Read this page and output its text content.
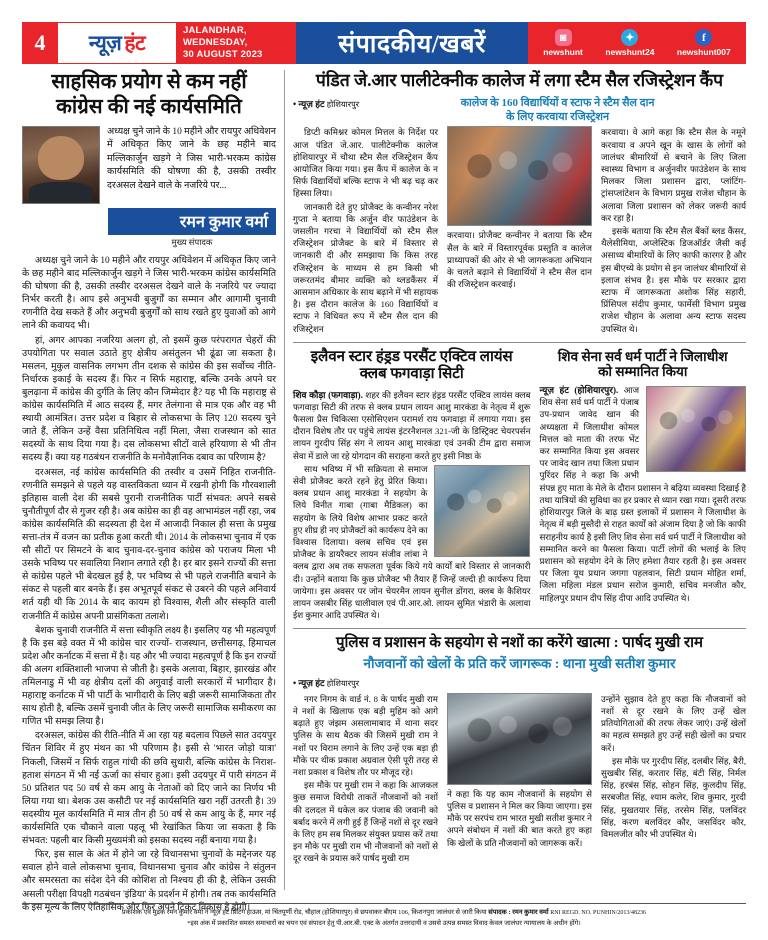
4	न्यूज़ हंट
JALANDHAR, WEDNESDAY,
30 AUGUST 2023	संपादकीय/खबरें	◙
newshunt
✦
newshunt24
f
newshunt007
साहसिक प्रयोग से कम नहीं
कांग्रेस की नई कार्यसमिति
अध्यक्ष चुने जाने के 10 महीने और रायपुर अधिवेशन में अधिकृत किए जाने के छह महीने बाद मल्लिकार्जुन खड़गे ने जिस भारी-भरकम कांग्रेस कार्यसमिति की घोषणा की है, उसकी तस्वीर दरअसल देखने वाले के नजरिये पर...
रमन कुमार वर्मा
मुख्य संपादक

अध्यक्ष चुने जाने के 10 महीने और रायपुर अधिवेशन में अधिकृत किए जाने के छह महीने बाद मल्लिकार्जुन खड़गे ने जिस भारी-भरकम कांग्रेस कार्यसमिति की घोषणा की है, उसकी तस्वीर दरअसल देखने वाले के नजरिये पर ज्यादा निर्भर करती है। आप इसे अनुभवी बुजुर्गों का सम्मान और आगामी चुनावी रणनीति देख सकते हैं और अनुभवी बुजुर्गों को साथ रखते हुए युवाओं को आगे लाने की कवायद भी।

हां, अगर आपका नजरिया अलग हो, तो इसमें कुछ परंपरागत चेहरों की उपयोगिता पर सवाल उठाते हुए क्षेत्रीय असंतुलन भी ढूंढा जा सकता है। मसलन, मुकुल वासनिक लगभग तीन दशक से कांग्रेस की इस सर्वोच्च नीति-निर्धारक इकाई के सदस्य हैं। फिर न सिर्फ महाराष्ट्र, बल्कि उनके अपने घर बुलढ़ाना में कांग्रेस की दुर्गति के लिए कौन जिम्मेदार है? यह भी कि महाराष्ट्र से कांग्रेस कार्यसमिति में आठ सदस्य हैं, मगर तेलंगाना से मात्र एक और वह भी स्थायी आमंत्रित। उत्तर प्रदेश व बिहार से लोकसभा के लिए 120 सदस्य चुने जाते हैं, लेकिन उन्हें वैसा प्रतिनिधित्व नहीं मिला, जैसा राजस्थान को सात सदस्यों के साथ दिया गया है। दस लोकसभा सीटों वाले हरियाणा से भी तीन सदस्य हैं। क्या यह गठबंधन राजनीति के मनोवैज्ञानिक दबाव का परिणाम है?

दरअसल, नई कांग्रेस कार्यसमिति की तस्वीर व उसमें निहित राजनीति-रणनीति समझने से पहले यह वास्तविकता ध्यान में रखनी होगी कि गौरवशाली इतिहास वाली देश की सबसे पुरानी राजनीतिक पार्टी संभवत: अपने सबसे चुनौतीपूर्ण दौर से गुजर रही है। अब कांग्रेस का ही वह आभामंडल नहीं रहा, जब कांग्रेस कार्यसमिति की सदस्यता ही देश में आजादी निकाल ही सत्ता के प्रमुख सत्ता-तंत्र में वजन का प्रतीक हुआ करती थी। 2014 के लोकसभा चुनाव में एक सौ सीटों पर सिमटने के बाद चुनाव-दर-चुनाव कांग्रेस को पराजय मिला भी उसके भविष्य पर सवालिया निशान लगाते रही है। हर बार इसने राज्यों की सत्ता से कांग्रेस पहले भी बेदखल हुई है, पर भविष्य से भी पहले राजनीति बचाने के संकट से पहली बार बनके हैं। इस अभूतपूर्व संकट से उबरने की पहले अनिवार्य शर्त यही थी कि 2014 के बाद कायम हो विश्वास, शैली और संस्कृति वाली राजनीति में कांग्रेस अपनी प्रासंगिकता तलाशे।

बेशक चुनावी राजनीति में सत्ता स्वीकृति लक्ष्य है। इसलिए यह भी महत्वपूर्ण है कि इस बड़े वक्त में भी कांग्रेस चार राज्यों- राजस्थान, छत्तीसगढ़, हिमाचल प्रदेश और कर्नाटक में सत्ता में है। यह और भी ज्यादा महत्वपूर्ण है कि इन राज्यों की अलग शक्तिशाली भाजपा से जीती है। इसके अलावा, बिहार, झारखंड और तमिलनाडु में भी वह क्षेत्रीय दलों की अगुवाई वाली सरकारों में भागीदार है। महाराष्ट्र कर्नाटक में भी पार्टी के भागीदारी के लिए बड़ी जरूरी सामाजिकता तौर साथ होती है, बल्कि उसमें चुनावी जीत के लिए जरूरी सामाजिक समीकरण का गणित भी समझ लिया है।

दरअसल, कांग्रेस की रीति-नीति में आ रहा यह बदलाव पिछले सात उदयपुर चिंतन शिविर में हुए मंथन का भी परिणाम है। इसी से 'भारत जोड़ो यात्रा' निकली, जिसमें न सिर्फ राहुल गांधी की छवि सुधारी, बल्कि कांग्रेस के निराश-हताश संगठन में भी नई ऊर्जा का संचार हुआ। इसी उदयपुर में पारी संगठन में 50 प्रतिशत पद 50 वर्ष से कम आयु के नेताओं को दिए जाने का निर्णय भी लिया गया था। बेशक उस कसौटी पर नई कार्यसमिति खरा नहीं उतरती है। 39 सदस्यीय मूल कार्यसमिति में मात्र तीन ही 50 वर्ष से कम आयु के हैं, मगर नई कार्यसमिति एक चौकाने वाला पहलू भी रेखांकित किया जा सकता है कि संभवत: पहली बार किसी मुख्यमंत्री को इसका सदस्य नहीं बनाया गया है।

फिर, इस साल के अंत में होने जा रहे विधानसभा चुनावों के मद्देनजर यह सवाल होने वाले लोकसभा चुनाव, विधानसभा चुनाव और कांग्रेस ने संतुलन और समरसता का संदेश देने की कोशिश तो निश्चय ही की है, लेकिन उसकी असली परीक्षा विपक्षी गठबंधन 'इंडिया' के प्रदर्शन में होगी। तब तक कार्यसमिति के इस मूल्य के लिए ऐतिहासिक और फिर अपने टिकट विकास है होगी।

पंडित जे.आर पालीटेक्नीक कालेज में लगा स्टैम सैल रजिस्ट्रेशन कैंप
• न्यूज़ हंट होशियारपुर	कालेज के 160 विद्यार्थियों व स्टाफ ने स्टैम सैल दान
के लिए करवाया रजिस्ट्रेशन

डिप्टी कमिश्नर कोमल मित्तल के निर्देश पर आज पंडित जे.आर. पालीटेक्नीक कालेज होशियारपुर में चौथा स्टैम सैल रजिस्ट्रेशन कैंप आयोजित किया गया। इस कैंप में कालेज के न सिर्फ विद्यार्थियों बल्कि स्टाफ ने भी बढ़ चढ़ कर हिस्सा लिया।

जानकारी देते हुए प्रोजैक्ट के कन्वीनर नरेश गुप्ता ने बताया कि अर्जुन वीर फाउंडेशन के जसलीन गरचा ने विद्यार्थियों को स्टैम सैल रजिस्ट्रेशन प्रोजैक्ट के बारे में विस्तार से जानकारी दी और समझाया कि किस तरह रजिस्ट्रेशन के माध्यम से हम किसी भी जरूरतमंद बीमार व्यक्ति को थ्लडकैंसर में आसमान अधिकार के साथ बढ़ाने में भी सहायक है। इस दौरान कालेज के 160 विद्यार्थियों व स्टाफ ने विधिवत रूप में स्टैम सैल दान की रजिस्ट्रेशन

करवाया। प्रोजैक्ट कन्वीनर ने बताया कि स्टैम सैल के बारे में विस्तारपूर्वक प्रस्तुति व कालेज प्राध्यापकों की ओर से भी जागरूकता अभियान के चलते बढ़ाने से विद्यार्थियों ने स्टैम सैल दान की रजिस्ट्रेशन करवाई।

करवाया। वे आगे कहा कि स्टैम सैल के नमूने करवाया व अपने खून के खास के लोगों को जालंधर बीमारियों से बचाने के लिए जिला स्वास्थ्य विभाग व अर्जुनवीर फाउंडेशन के साथ मिलकर जिला प्रशासन द्वारा, प्लांटिंग-ट्रांसप्लांटेशन के विभाग प्रमुख राजेश चौहान के अलावा जिला प्रशासन को लेकर जरूरी कार्य कर रहा है।

इसके बताया कि स्टैम सैल बैंकों ब्लड कैंसर, थैलेसीमिया, अप्लेस्टिक डिजऑर्डर जैसी कई असाध्य बीमारियों के लिए काफी कारगर है और इस बीएच्ये के प्रयोग से इन जालंधर बीमारियों से इलाज संभव है। इस मौके पर सरकार द्वारा स्टाफ में जागरूकता अशोक सिंह सहारी, प्रिंसिपल संदीप कुमार, फार्मेसी विभाग प्रमुख राजेश चौहान के अलावा अन्य स्टाफ सदस्य उपस्थित थे।

इलैवन स्टार हंड्रड परसैंट एक्टिव लायंस
क्लब फगवाड़ा सिटी

शिव कौड़ा (फगवाड़ा). शहर की इलैवन स्टार हंड्रड परसैंट एक्टिव लायंस क्लब फगवाड़ा सिटी की तरफ से क्लब प्रधान लायन आशु मारकंडा के नेतृत्व में शुरू फैसला प्रैस चिकित्सा एसोसिएशन परामर्श राय फगवाड़ा में लगाया गया। इस दौरान विशेष तौर पर पहुंचे लायंस इंटरनैशनल 321-जी के डिस्ट्रिक्ट चेयरपर्सन लायन गुरदीप सिंह संग ने लायन आशु मारकंडा एवं उनकी टीम द्वारा समाज सेवा में डाले जा रहे योगदान की सराहना करते हुए इसी निष्ठा के

साथ भविष्य में भी सक्रियता से समाज सेवी प्रोजैक्ट करते रहने हेतु प्रेरित किया। क्लब प्रधान आशु मारकंडा ने सहयोग के लिये विनीत गाबा (गाबा मैडिकल) का सहयोग के लिये विशेष आभार प्रकट करते हुए शीघ्र ही नए प्रोजैक्टों को कार्यरूप देने का विश्वास दिलाया। क्लब सचिव एवं इस प्रोजैक्ट के डायरैक्टर लायन संजीव लांबा ने क्लब द्वारा अब तक सफलता पूर्वक किये गये कार्यों बारे विस्तार से जानकारी दी। उन्होंने बताया कि कुछ प्रोजैक्ट भी तैयार हैं जिन्हें जल्दी ही कार्यरूप दिया जायेगा। इस अवसर पर जोन चेयरमैन लायन सुनील डोंगरा, क्लब के कैशियर लायन जसबीर सिंह धालीवाल एवं पी.आर.ओ. लायन सुमित भंडारी के अलावा ईश कुमार आदि उपस्थित थे।

शिव सेना सर्व धर्म पार्टी ने जिलाधीश
को सम्मानित किया

न्यूज़ हंट (होशियारपुर). आज शिव सेना सर्व धर्म पार्टी ने पंजाब उप-प्रधान जावेद खान की अध्यक्षता में जिलाधीश कोमल मित्तल को माता की तरफ भेंट कर सम्मानित किया इस अवसर पर जावेद खान तथा जिला प्रधान पुरिंदर सिंह ने कहा कि अभी संपन्न हुए माता के मेले के दौरान प्रशासन ने बढ़िया व्यवस्था दिखाई है तथा यात्रियों की सुविधा का हर प्रकार से ध्यान रखा गया। दूसरी तरफ होशियारपुर जिले के बाढ़ ग्रस्त इलाकों में प्रशासन ने जिलाधीश के नेतृत्व में बड़ी मुस्तैदी से राहत कार्यों को अंजाम दिया है जो कि काफी सराहनीय कार्य है इसी लिए शिव सेना सर्व धर्म पार्टी ने जिलाधीश को सम्मानित करने का फैसला किया। पार्टी लोगों की भलाई के लिए प्रशासन को सहयोग देने के लिए हमेशा तैयार रहती है। इस अवसर पर जिला यूथ प्रधान जगगा पहलवान, सिटी प्रधान मोहित शर्मा, जिला महिला मंडल प्रधान सरोज कुमारी, सचिव मनजीत कौर, माहिलपुर प्रधान दीप सिंह दीपा आदि उपस्थित थे।

पुलिस व प्रशासन के सहयोग से नशों का करेंगे खात्मा : पार्षद मुखी राम
नौजवानों को खेलों के प्रति करें जागरूक : थाना मुखी सतीश कुमार
• न्यूज़ हंट होशियारपुर

नगर निगम के वार्ड नं. 8 के पार्षद मुखी राम ने नशों के खिलाफ एक बड़ी मुहिम को आगे बढ़ाते हुए जंझम असलामाबाद में थाना सदर पुलिस के साथ बैठक की जिसमें मुखी राम ने नशों पर विराम लगाने के लिए उन्हें एक बड़ा ही मौके पर थीक प्रकाश अग्रवाल ऐसी पूरी तरह से नशा प्रकाश व विशेष तौर पर मौजूद रहे।

इस मौके पर मुखी राम ने कहा कि आजकल कुछ समाज विरोधी ताकतें नौजवानों को नशों की दलदल में धकेल कर पंजाब की जवानी को बर्बाद करने में लगी हुई हैं जिन्हें नशों से दूर रखने के लिए हम सब मिलकर संयुक्त प्रयास करें तथा इन मौके पर मुखी राम भी नौजवानों को नशों से दूर रखने के प्रयास करें पार्षद मुखी राम

ने कहा कि यह काम नौजवानों के सहयोग से पुलिस व प्रशासन ने मिल कर किया जाएगा। इस मौके पर सरपंच राम भारत मुखी सतीश कुमार ने अपने संबोधन में नशों की बात करते हुए कहा कि खेलों के प्रति नौजवानों को जागरूक करें।

उन्होंने सुझाव देते हुए कहा कि नौजवानों को नशों से दूर रखने के लिए उन्हें खेल प्रतियोगिताओं की तरफ लेकर जाएं। उन्हें खेलों का महत्व समझते हुए उन्हें सही खेलों का प्रचार करें।

इस मौके पर गुरदीप सिंह, दलबीर सिंह, बैरी, सुखबीर सिंह, करतार सिंह, बंटी सिंह, निर्मल सिंह, हरबंस सिंह, सोहन सिंह, कुलदीप सिंह, सरबजीत सिंह, श्याम कलेर, शिव कुमार, गुरदी सिंह, मुखतयार सिंह, तरसेम सिंह, पलविंदर सिंह, करण बलविंदर कौर, जसविंदर कौर, विमलजीत कौर भी उपस्थित थे।

प्रकाशक एवं मुद्रक रमन कुमार वर्मा ने न्यूज़ हंट प्रिंटिंग हाऊस, मां चिंतपूर्णी रोड, चौहाल (होशियारपुर) से छपवाकर बीएम 106, किशनपुरा जालंधर से जारी किया संपादक : रमन कुमार वर्मा RNI REGD. NO. PUNHIN/2013/48236
*इस अंक में प्रकाशित समस्त समाचारों का चयन एवं संपादन हेतु पी.आर.बी. एक्ट के अंतर्गत उत्तरदायी व उससे उत्पन्न समस्त विवाद केवल जालंधर न्यायालय के अधीन होंगे।
